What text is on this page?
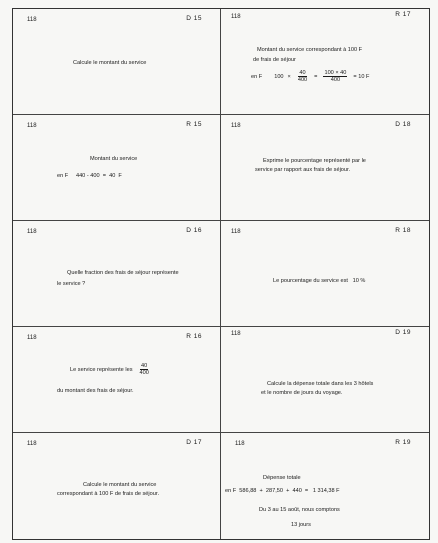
118	D 15
Calcule le montant du service
118	R 17
Montant du service correspondant à 100 F
de frais de séjour
en F $100 \times \frac{40}{400} = \frac{100 \times 40}{400} = 10$ F
118	R 15
Montant du service
en F     440 - 400  =  40  F
118	D 18
Exprime le pourcentage représenté par le
service par rapport aux frais de séjour.
118	D 16
Quelle fraction des frais de séjour représente
le service ?
118	R 18
Le pourcentage du service est   10 %
118	R 16
Le service représente les $\frac{40}{400}$
du montant des frais de séjour.
118	D 19
Calcule la dépense totale dans les 3 hôtels
et le nombre de jours du voyage.
118	D 17
Calcule le montant du service
correspondant à 100 F de frais de séjour.
118	R 19
Dépense totale
en F  586,88  +  287,50  +  440  =   1 314,38 F
Du 3 au 15 août, nous comptons
13 jours
